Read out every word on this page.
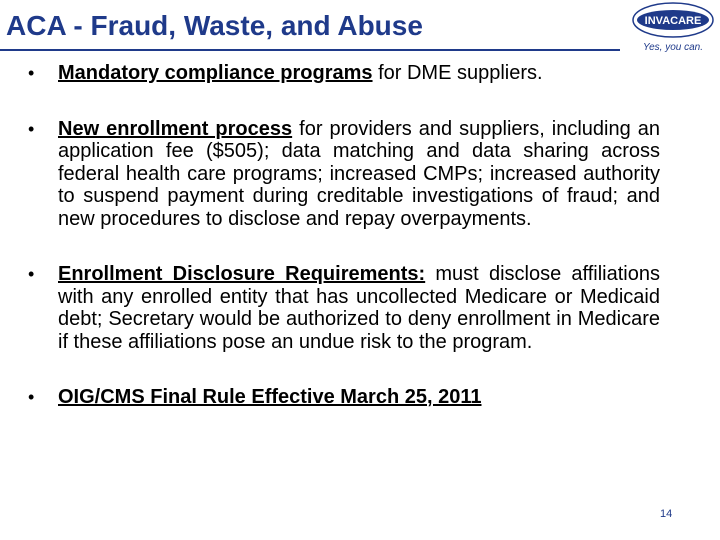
ACA - Fraud, Waste, and Abuse	INVACARE
Yes, you can.
• Mandatory compliance programs for DME suppliers.
• New enrollment process for providers and suppliers, including an application fee ($505); data matching and data sharing across federal health care programs; increased CMPs; increased authority to suspend payment during creditable investigations of fraud; and new procedures to disclose and repay overpayments.
• Enrollment Disclosure Requirements: must disclose affiliations with any enrolled entity that has uncollected Medicare or Medicaid debt; Secretary would be authorized to deny enrollment in Medicare if these affiliations pose an undue risk to the program.
• OIG/CMS Final Rule Effective March 25, 2011
14
